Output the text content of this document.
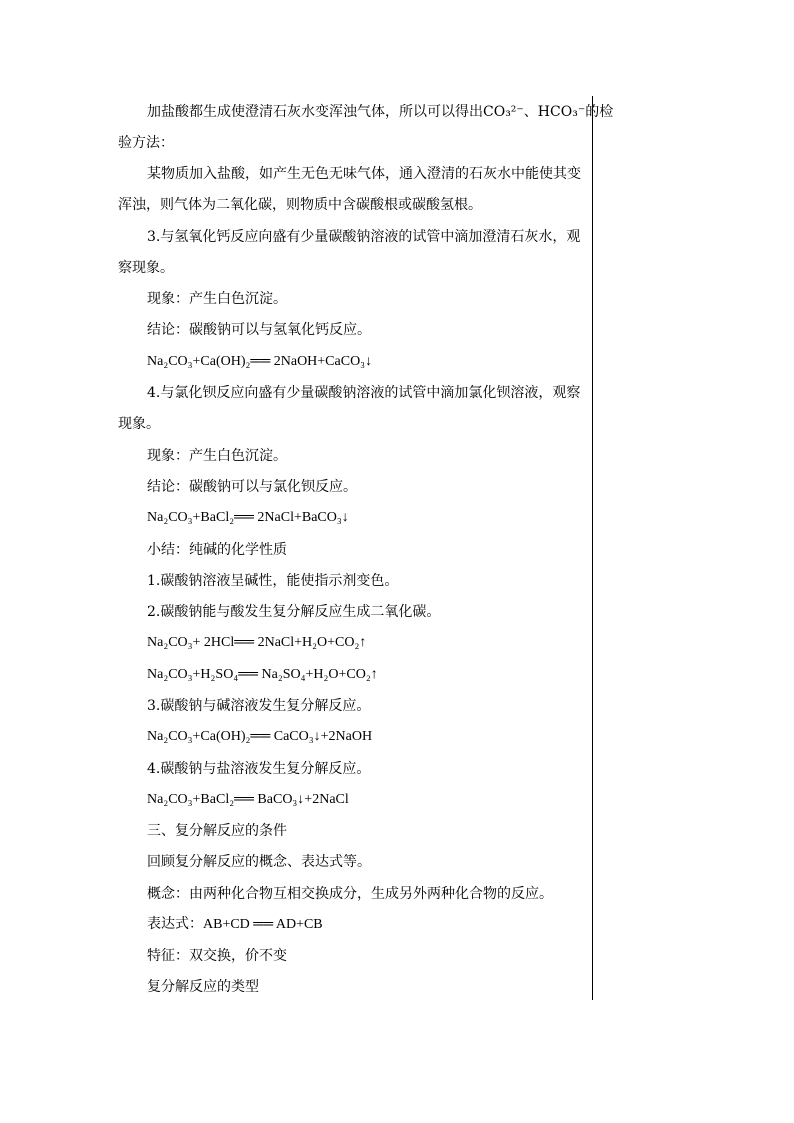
加盐酸都生成使澄清石灰水变浑浊气体，所以可以得出CO₃²⁻、HCO₃⁻的检
验方法：
某物质加入盐酸，如产生无色无味气体，通入澄清的石灰水中能使其变
浑浊，则气体为二氧化碳，则物质中含碳酸根或碳酸氢根。
3.与氢氧化钙反应向盛有少量碳酸钠溶液的试管中滴加澄清石灰水，观
察现象。
现象：产生白色沉淀。
结论：碳酸钠可以与氢氧化钙反应。
Na₂CO₃+Ca(OH)₂══ 2NaOH+CaCO₃↓
4.与氯化钡反应向盛有少量碳酸钠溶液的试管中滴加氯化钡溶液，观察
现象。
现象：产生白色沉淀。
结论：碳酸钠可以与氯化钡反应。
Na₂CO₃+BaCl₂══ 2NaCl+BaCO₃↓
小结：纯碱的化学性质
1.碳酸钠溶液呈碱性，能使指示剂变色。
2.碳酸钠能与酸发生复分解反应生成二氧化碳。
Na₂CO₃+ 2HCl══ 2NaCl+H₂O+CO₂↑
Na₂CO₃+H₂SO₄══ Na₂SO₄+H₂O+CO₂↑
3.碳酸钠与碱溶液发生复分解反应。
Na₂CO₃+Ca(OH)₂══ CaCO₃↓+2NaOH
4.碳酸钠与盐溶液发生复分解反应。
Na₂CO₃+BaCl₂══ BaCO₃↓+2NaCl
三、复分解反应的条件
回顾复分解反应的概念、表达式等。
概念：由两种化合物互相交换成分，生成另外两种化合物的反应。
表达式：AB+CD ══ AD+CB
特征：双交换，价不变
复分解反应的类型
